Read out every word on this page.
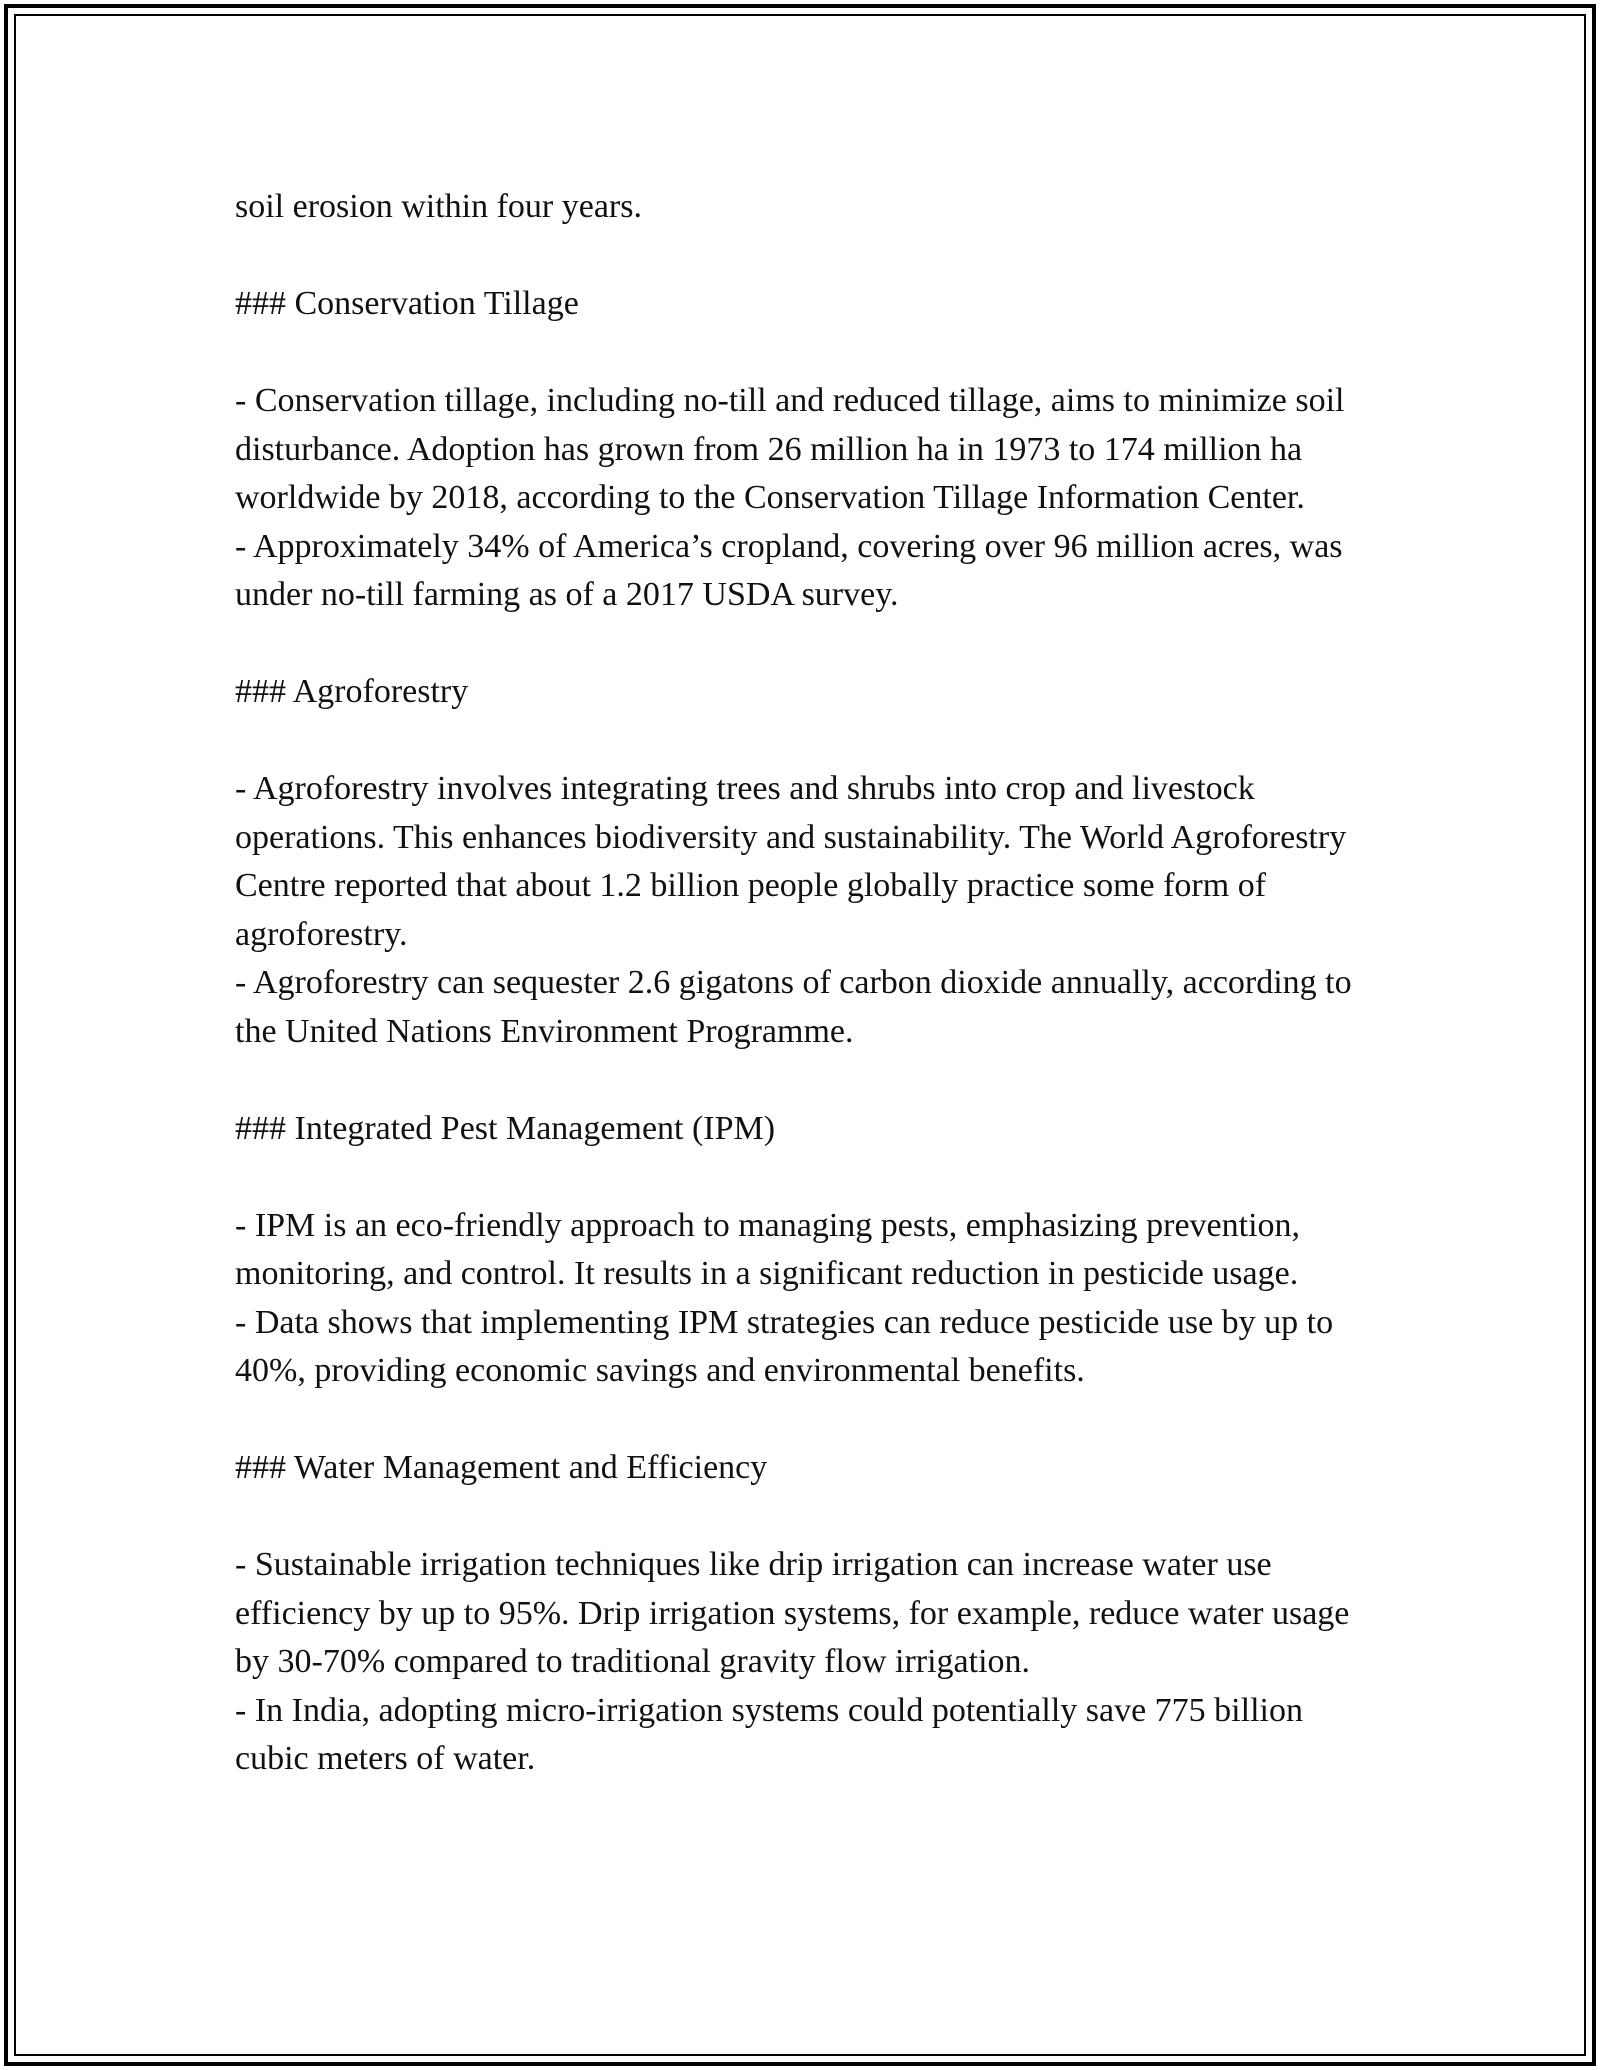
soil erosion within four years.

### Conservation Tillage

- Conservation tillage, including no-till and reduced tillage, aims to minimize soil disturbance. Adoption has grown from 26 million ha in 1973 to 174 million ha worldwide by 2018, according to the Conservation Tillage Information Center.

- Approximately 34% of America’s cropland, covering over 96 million acres, was under no-till farming as of a 2017 USDA survey.

### Agroforestry

- Agroforestry involves integrating trees and shrubs into crop and livestock operations. This enhances biodiversity and sustainability. The World Agroforestry Centre reported that about 1.2 billion people globally practice some form of agroforestry.

- Agroforestry can sequester 2.6 gigatons of carbon dioxide annually, according to the United Nations Environment Programme.

### Integrated Pest Management (IPM)

- IPM is an eco-friendly approach to managing pests, emphasizing prevention, monitoring, and control. It results in a significant reduction in pesticide usage.

- Data shows that implementing IPM strategies can reduce pesticide use by up to 40%, providing economic savings and environmental benefits.

### Water Management and Efficiency

- Sustainable irrigation techniques like drip irrigation can increase water use efficiency by up to 95%. Drip irrigation systems, for example, reduce water usage by 30-70% compared to traditional gravity flow irrigation.

- In India, adopting micro-irrigation systems could potentially save 775 billion cubic meters of water.
